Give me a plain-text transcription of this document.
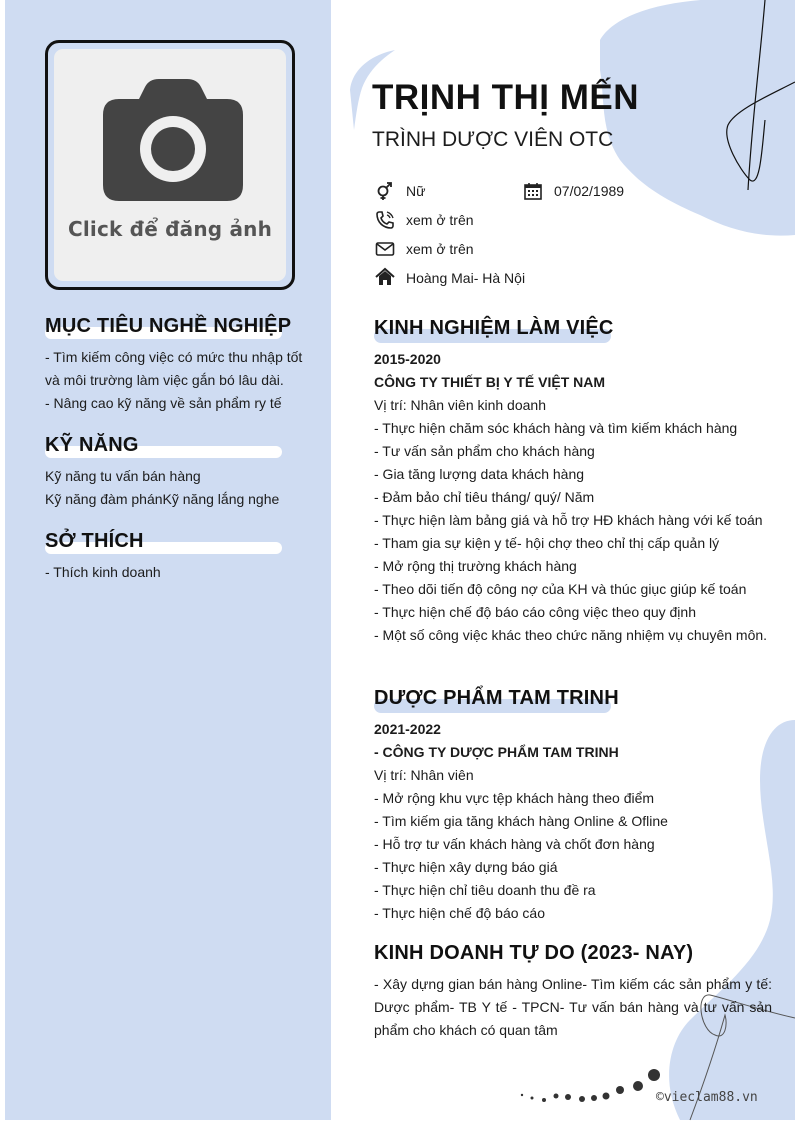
Click để đăng ảnh
MỤC TIÊU NGHỀ NGHIỆP
- Tìm kiếm công việc có mức thu nhập tốt
và môi trường làm việc gắn bó lâu dài.
- Nâng cao kỹ năng về sản phẩm ry tế
KỸ NĂNG
Kỹ năng tu vấn bán hàng
Kỹ năng đàm phánKỹ năng lắng nghe
SỞ THÍCH
- Thích kinh doanh
TRỊNH THỊ MẾN
TRÌNH DƯỢC VIÊN OTC
Nữ	07/02/1989
xem ở trên
xem ở trên
Hoàng Mai- Hà Nội
KINH NGHIỆM LÀM VIỆC
2015-2020
CÔNG TY THIẾT BỊ Y TẾ VIỆT NAM
Vị trí: Nhân viên kinh doanh
- Thực hiện chăm sóc khách hàng và tìm kiếm khách hàng
- Tư vấn sản phẩm cho khách hàng
- Gia tăng lượng data khách hàng
- Đảm bảo chỉ tiêu tháng/ quý/ Năm
- Thực hiện làm bảng giá và hỗ trợ HĐ khách hàng với kế toán
- Tham gia sự kiện y tế- hội chợ theo chỉ thị cấp quản lý
- Mở rộng thị trường khách hàng
- Theo dõi tiến độ công nợ của KH và thúc giục giúp kế toán
- Thực hiện chế độ báo cáo công việc theo quy định
- Một số công việc khác theo chức năng nhiệm vụ chuyên môn.
DƯỢC PHẨM TAM TRINH
2021-2022
- CÔNG TY DƯỢC PHẨM TAM TRINH
Vị trí: Nhân viên
- Mở rộng khu vực tệp khách hàng theo điểm
- Tìm kiếm gia tăng khách hàng Online & Ofline
- Hỗ trợ tư vấn khách hàng và chốt đơn hàng
- Thực hiện xây dựng báo giá
- Thực hiện chỉ tiêu doanh thu đề ra
- Thực hiện chế độ báo cáo
KINH DOANH TỰ DO (2023- NAY)
- Xây dựng gian bán hàng Online- Tìm kiếm các sản phẩm y tế: Dược phẩm- TB Y tế - TPCN- Tư vấn bán hàng và tư vấn sản phẩm cho khách có quan tâm
©vieclam88.vn
